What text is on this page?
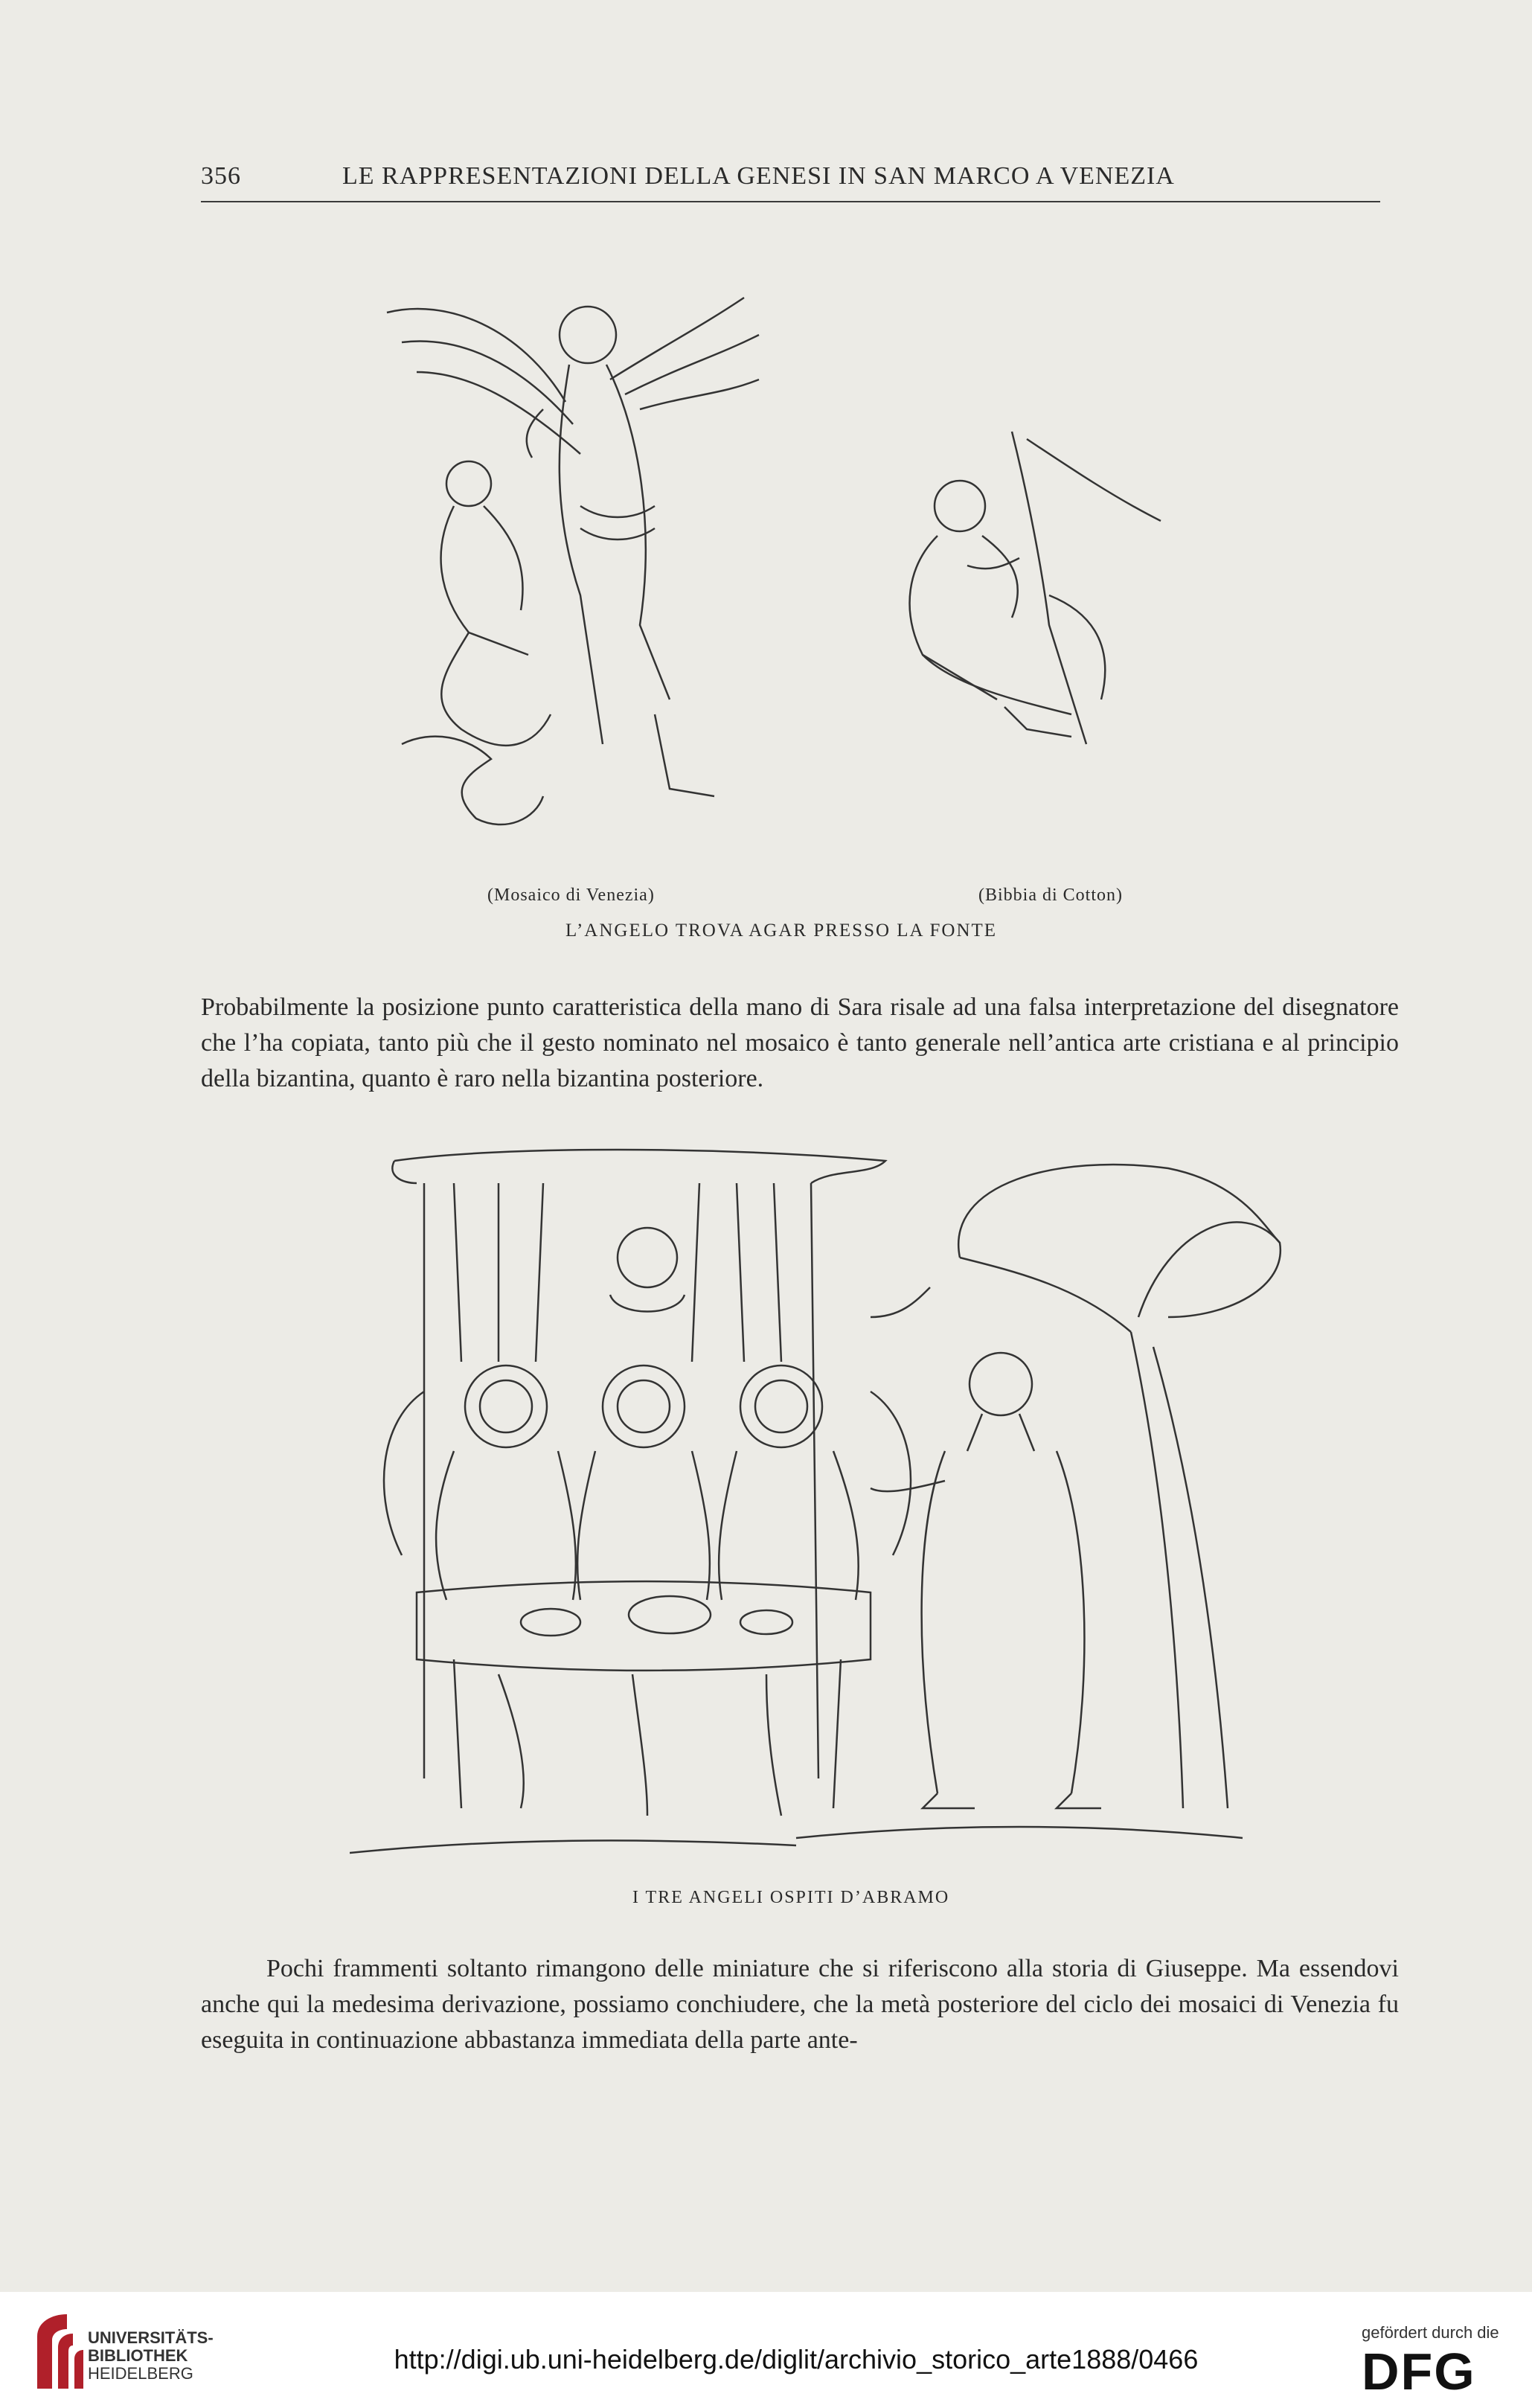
356	LE RAPPRESENTAZIONI DELLA GENESI IN SAN MARCO A VENEZIA
(Mosaico di Venezia)	(Bibbia di Cotton)
L’ANGELO TROVA AGAR PRESSO LA FONTE
Probabilmente la posizione punto caratteristica della mano di Sara risale ad una falsa interpretazione del disegnatore che l’ha copiata, tanto più che il gesto nominato nel mosaico è tanto generale nell’antica arte cristiana e al principio della bizantina, quanto è raro nella bizantina posteriore.
I TRE ANGELI OSPITI D’ABRAMO
Pochi frammenti soltanto rimangono delle miniature che si riferiscono alla storia di Giuseppe. Ma essendovi anche qui la medesima derivazione, possiamo conchiudere, che la metà posteriore del ciclo dei mosaici di Venezia fu eseguita in continuazione abbastanza immediata della parte ante-
UNIVERSITÄTS-
BIBLIOTHEK
HEIDELBERG	http://digi.ub.uni-heidelberg.de/diglit/archivio_storico_arte1888/0466
gefördert durch die
DFG
